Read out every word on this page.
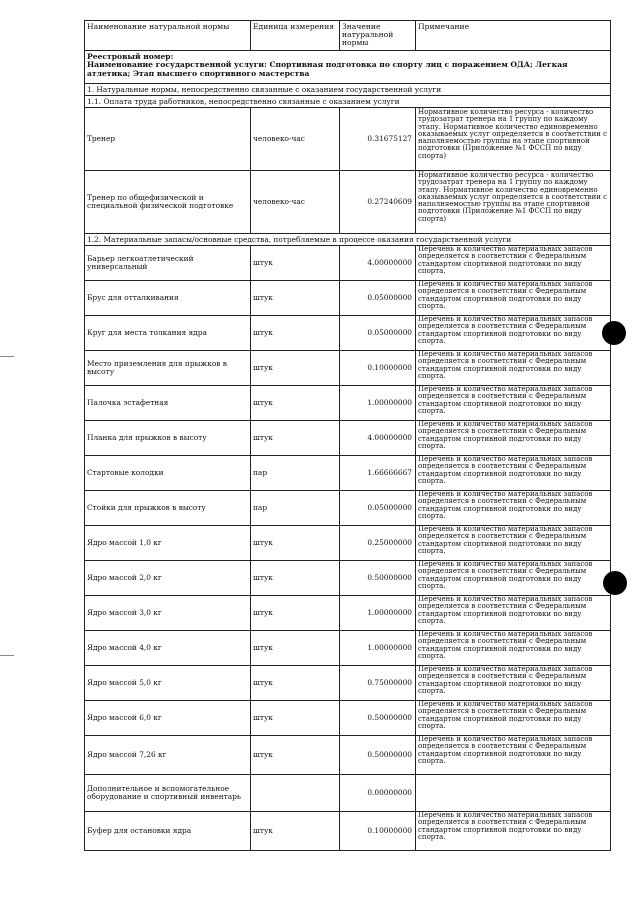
Наименование натуральной нормы	Единица измерения	Значение натуральной нормы	Примечание

Реестровый номер:
Наименование государственной услуги: Спортивная подготовка по спорту лиц с поражением ОДА; Легкая атлетика; Этап высшего спортивного мастерства			

1. Натуральные нормы, непосредственно связанные с оказанием государственной услуги			
1.1. Оплата труда работников, непосредственно связанные с оказанием услуги			
Тренер	человеко-час	0.31675127	Нормативное количество ресурса - количество трудозатрат тренера на 1 группу по каждому этапу. Нормативное количество единовременно оказываемых услуг определяется в соответствии с наполняемостью группы на этапе спортивной подготовки (Приложение №1 ФССП по виду спорта)
Тренер по общефизической и специальной физической подготовке	человеко-час	0.27240609	Нормативное количество ресурса - количество трудозатрат тренера на 1 группу по каждому этапу. Нормативное количество единовременно оказываемых услуг определяется в соответствии с наполняемостью группы на этапе спортивной подготовки (Приложение №1 ФССП по виду спорта)
1.2. Материальные запасы/основные средства, потребляемые в процессе оказания государственной услуги			
Барьер легкоатлетический универсальный	штук	4.00000000	Перечень и количество материальных запасов определяется в соответствии с Федеральным стандартом спортивной подготовки по виду спорта.
Брус для отталкивания	штук	0.05000000	Перечень и количество материальных запасов определяется в соответствии с Федеральным стандартом спортивной подготовки по виду спорта.
Круг для места толкания ядра	штук	0.05000000	Перечень и количество материальных запасов определяется в соответствии с Федеральным стандартом спортивной подготовки по виду спорта.
Место приземления для прыжков в высоту	штук	0.10000000	Перечень и количество материальных запасов определяется в соответствии с Федеральным стандартом спортивной подготовки по виду спорта.
Палочка эстафетная	штук	1.00000000	Перечень и количество материальных запасов определяется в соответствии с Федеральным стандартом спортивной подготовки по виду спорта.
Планка для прыжков в высоту	штук	4.00000000	Перечень и количество материальных запасов определяется в соответствии с Федеральным стандартом спортивной подготовки по виду спорта.
Стартовые колодки	пар	1.66666667	Перечень и количество материальных запасов определяется в соответствии с Федеральным стандартом спортивной подготовки по виду спорта.
Стойки для прыжков в высоту	пар	0.05000000	Перечень и количество материальных запасов определяется в соответствии с Федеральным стандартом спортивной подготовки по виду спорта.
Ядро массой 1,0 кг	штук	0.25000000	Перечень и количество материальных запасов определяется в соответствии с Федеральным стандартом спортивной подготовки по виду спорта.
Ядро массой 2,0 кг	штук	0.50000000	Перечень и количество материальных запасов определяется в соответствии с Федеральным стандартом спортивной подготовки по виду спорта.
Ядро массой 3,0 кг	штук	1.00000000	Перечень и количество материальных запасов определяется в соответствии с Федеральным стандартом спортивной подготовки по виду спорта.
Ядро массой 4,0 кг	штук	1.00000000	Перечень и количество материальных запасов определяется в соответствии с Федеральным стандартом спортивной подготовки по виду спорта.
Ядро массой 5,0 кг	штук	0.75000000	Перечень и количество материальных запасов определяется в соответствии с Федеральным стандартом спортивной подготовки по виду спорта.
Ядро массой 6,0 кг	штук	0.50000000	Перечень и количество материальных запасов определяется в соответствии с Федеральным стандартом спортивной подготовки по виду спорта.
Ядро массой 7,26 кг	штук	0.50000000	Перечень и количество материальных запасов определяется в соответствии с Федеральным стандартом спортивной подготовки по виду спорта.
Дополнительное и вспомогательное оборудование и спортивный инвентарь		0.00000000	
Буфер для остановки ядра	штук	0.10000000	Перечень и количество материальных запасов определяется в соответствии с Федеральным стандартом спортивной подготовки по виду спорта.
